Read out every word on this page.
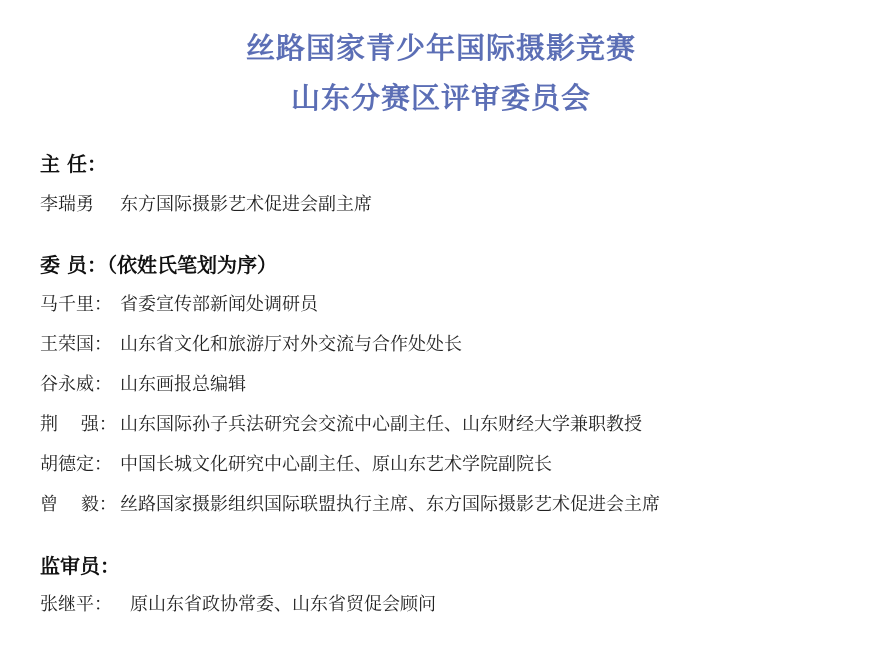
丝路国家青少年国际摄影竞赛
山东分赛区评审委员会
主 任：
李瑞勇 东方国际摄影艺术促进会副主席
委 员：（依姓氏笔划为序）
马千里： 省委宣传部新闻处调研员
王荣国： 山东省文化和旅游厅对外交流与合作处处长
谷永威： 山东画报总编辑
荆    强： 山东国际孙子兵法研究会交流中心副主任、山东财经大学兼职教授
胡德定： 中国长城文化研究中心副主任、原山东艺术学院副院长
曾    毅： 丝路国家摄影组织国际联盟执行主席、东方国际摄影艺术促进会主席
监审员：
张继平： 原山东省政协常委、山东省贸促会顾问
